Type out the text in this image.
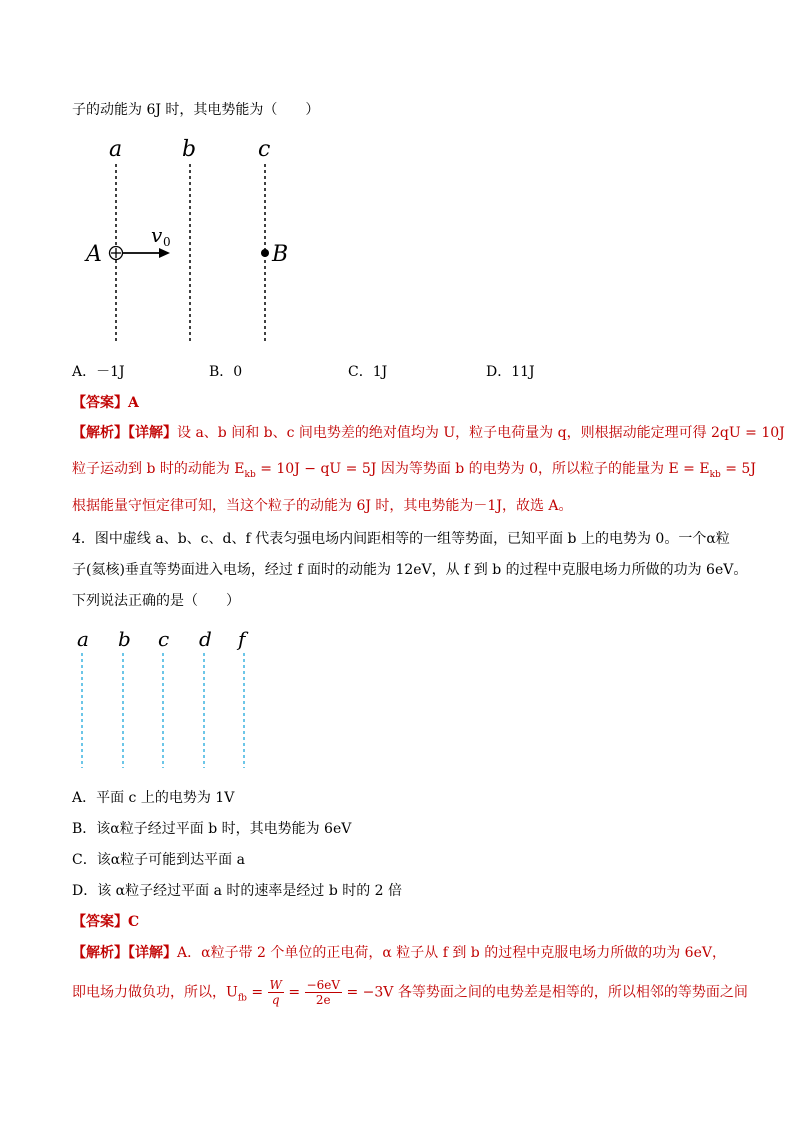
子的动能为 6J 时，其电势能为（　　）
a	b	c
A
v 0	B
A．－1J	B．0	C．1J	D．11J
【答案】A
【解析】【详解】设 a、b 间和 b、c 间电势差的绝对值均为 U，粒子电荷量为 q，则根据动能定理可得 2qU = 10J
粒子运动到 b 时的动能为 $E_{kb} = 10J$ − qU = 5J 因为等势面 b 的电势为 0，所以粒子的能量为 $E = E_{kb} = 5J$
根据能量守恒定律可知，当这个粒子的动能为 6J 时，其电势能为－1J，故选 A。
4．图中虚线 a、b、c、d、f 代表匀强电场内间距相等的一组等势面，已知平面 b 上的电势为 0。一个α粒
子(氦核)垂直等势面进入电场，经过 f 面时的动能为 12eV，从 f 到 b 的过程中克服电场力所做的功为 6eV。
下列说法正确的是（　　）
a b c d f
A．平面 c 上的电势为 1V
B．该α粒子经过平面 b 时，其电势能为 6eV
C．该α粒子可能到达平面 a
D．该 α粒子经过平面 a 时的速率是经过 b 时的 2 倍
【答案】C
【解析】【详解】A．α粒子带 2 个单位的正电荷，α 粒子从 f 到 b 的过程中克服电场力所做的功为 6eV，
即电场力做负功，所以，$U_{fb} = \frac{W}{q} = \frac{-6eV}{2e} = -3V$ 各等势面之间的电势差是相等的，所以相邻的等势面之间
